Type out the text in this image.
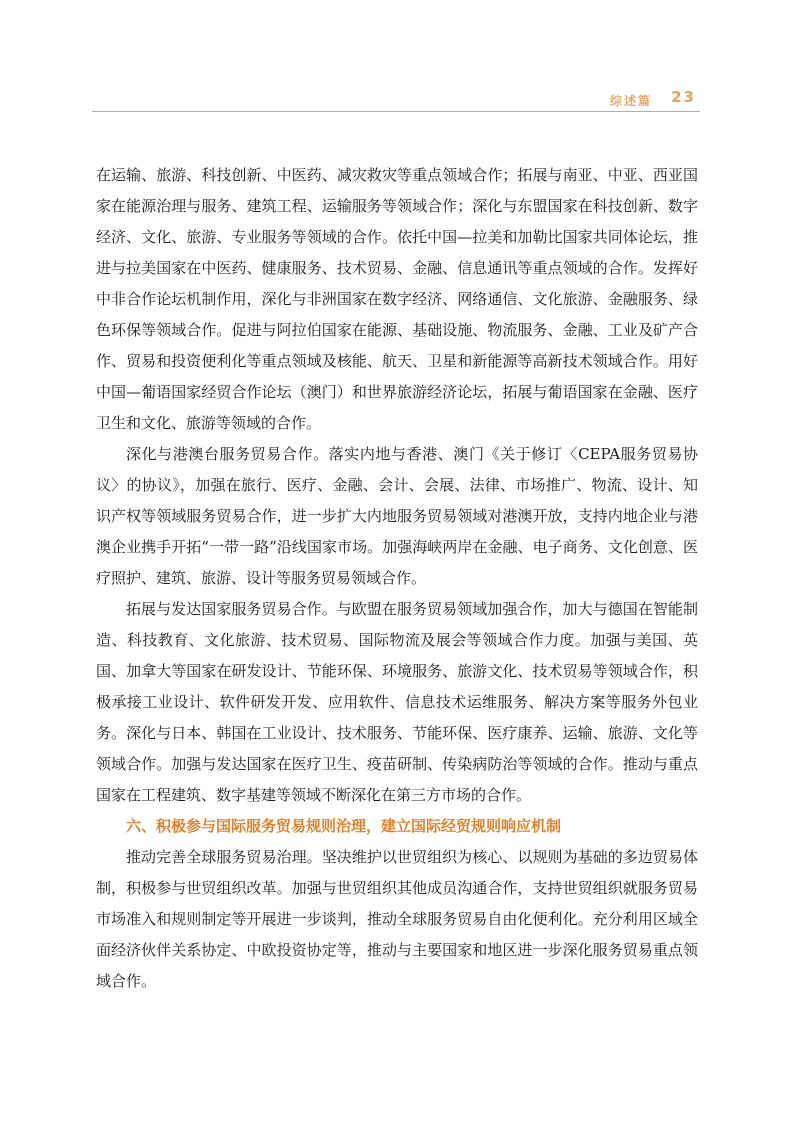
综述篇 23

在运输、旅游、科技创新、中医药、减灾救灾等重点领域合作；拓展与南亚、中亚、西亚国家在能源治理与服务、建筑工程、运输服务等领域合作；深化与东盟国家在科技创新、数字经济、文化、旅游、专业服务等领域的合作。依托中国—拉美和加勒比国家共同体论坛，推进与拉美国家在中医药、健康服务、技术贸易、金融、信息通讯等重点领域的合作。发挥好中非合作论坛机制作用，深化与非洲国家在数字经济、网络通信、文化旅游、金融服务、绿色环保等领域合作。促进与阿拉伯国家在能源、基础设施、物流服务、金融、工业及矿产合作、贸易和投资便利化等重点领域及核能、航天、卫星和新能源等高新技术领域合作。用好中国—葡语国家经贸合作论坛（澳门）和世界旅游经济论坛，拓展与葡语国家在金融、医疗卫生和文化、旅游等领域的合作。

深化与港澳台服务贸易合作。落实内地与香港、澳门《关于修订〈CEPA服务贸易协议〉的协议》，加强在旅行、医疗、金融、会计、会展、法律、市场推广、物流、设计、知识产权等领域服务贸易合作，进一步扩大内地服务贸易领域对港澳开放，支持内地企业与港澳企业携手开拓“一带一路”沿线国家市场。加强海峡两岸在金融、电子商务、文化创意、医疗照护、建筑、旅游、设计等服务贸易领域合作。

拓展与发达国家服务贸易合作。与欧盟在服务贸易领域加强合作，加大与德国在智能制造、科技教育、文化旅游、技术贸易、国际物流及展会等领域合作力度。加强与美国、英国、加拿大等国家在研发设计、节能环保、环境服务、旅游文化、技术贸易等领域合作，积极承接工业设计、软件研发开发、应用软件、信息技术运维服务、解决方案等服务外包业务。深化与日本、韩国在工业设计、技术服务、节能环保、医疗康养、运输、旅游、文化等领域合作。加强与发达国家在医疗卫生、疫苗研制、传染病防治等领域的合作。推动与重点国家在工程建筑、数字基建等领域不断深化在第三方市场的合作。

六、积极参与国际服务贸易规则治理，建立国际经贸规则响应机制

推动完善全球服务贸易治理。坚决维护以世贸组织为核心、以规则为基础的多边贸易体制，积极参与世贸组织改革。加强与世贸组织其他成员沟通合作，支持世贸组织就服务贸易市场准入和规则制定等开展进一步谈判，推动全球服务贸易自由化便利化。充分利用区域全面经济伙伴关系协定、中欧投资协定等，推动与主要国家和地区进一步深化服务贸易重点领域合作。
